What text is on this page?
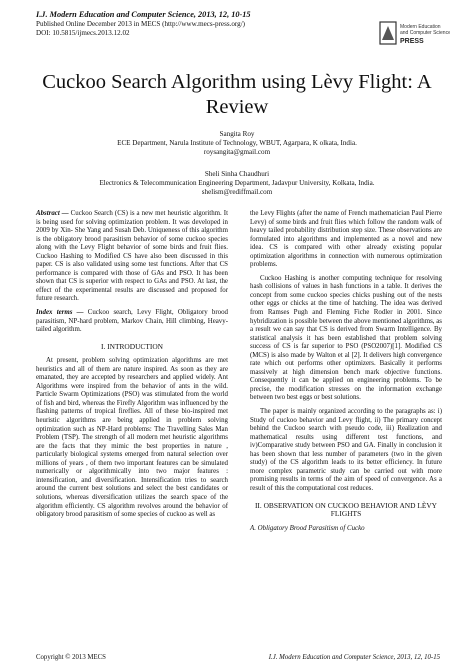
I.J. Modern Education and Computer Science, 2013, 12, 10-15
Published Online December 2013 in MECS (http://www.mecs-press.org/)
DOI: 10.5815/ijmecs.2013.12.02
Modern Education
and Computer Science
PRESS
Cuckoo Search Algorithm using Lèvy Flight: A Review
Sangita Roy
ECE Department, Narula Institute of Technology, WBUT, Agarpara, K olkata, India.
roysangita@gmail.com
Sheli Sinha Chaudhuri
Electronics & Telecommunication Engineering Department, Jadavpur University, Kolkata, India.
shelism@rediffmail.com

Abstract — Cuckoo Search (CS) is a new met heuristic algorithm. It is being used for solving optimization problem. It was developed in 2009 by Xin- She Yang and Susah Deb. Uniqueness of this algorithm is the obligatory brood parasitism behavior of some cuckoo species along with the Levy Flight behavior of some birds and fruit flies. Cuckoo Hashing to Modified CS have also been discussed in this paper. CS is also validated using some test functions. After that CS performance is compared with those of GAs and PSO. It has been shown that CS is superior with respect to GAs and PSO. At last, the effect of the experimental results are discussed and proposed for future research.

Index terms — Cuckoo search, Levy Flight, Obligatory brood parasitism, NP-hard problem, Markov Chain, Hill climbing, Heavy-tailed algorithm.

I. INTRODUCTION

At present, problem solving optimization algorithms are met heuristics and all of them are nature inspired. As soon as they are emanated, they are accepted by researchers and applied widely. Ant Algorithms were inspired from the behavior of ants in the wild. Particle Swarm Optimizations (PSO) was stimulated from the world of fish and bird, whereas the Firefly Algorithm was influenced by the flashing patterns of tropical fireflies. All of these bio-inspired met heuristic algorithms are being applied in problem solving optimization such as NP-Hard problems: The Travelling Sales Man Problem (TSP). The strength of all modern met heuristic algorithms are the facts that they mimic the best properties in nature , particularly biological systems emerged from natural selection over millions of years , of them two important features can be simulated numerically or algorithmically into two major features : intensification, and diversification. Intensification tries to search around the current best solutions and select the best candidates or solutions, whereas diversification utilizes the search space of the algorithm efficiently. CS algorithm revolves around the behavior of obligatory brood parasitism of some species of cuckoo as well as

the Levy Flights (after the name of French mathematician Paul Pierre Levy) of some birds and fruit flies which follow the random walk of heavy tailed probability distribution step size. These observations are formulated into algorithms and implemented as a novel and new idea. CS is compared with other already existing popular optimization algorithms in connection with numerous optimization problems.

Cuckoo Hashing is another computing technique for resolving hash collisions of values in hash functions in a table. It derives the concept from some cuckoo species chicks pushing out of the nests other eggs or chicks at the time of hatching. The idea was derived from Ramses Pugh and Fleming Fiche Rodler in 2001. Since hybridization is possible between the above mentioned algorithms, as a result we can say that CS is derived from Swarm Intelligence. By statistical analysis it has been established that problem solving success of CS is far superior to PSO (PSO2007)[1]. Modified CS (MCS) is also made by Walton et al [2]. It delivers high convergence rate which out performs other optimizers. Basically it performs massively at high dimension bench mark objective functions. Consequently it can be applied on engineering problems. To be precise, the modification stresses on the information exchange between two best eggs or best solutions.

The paper is mainly organized according to the paragraphs as: i) Study of cuckoo behavior and Levy flight, ii) The primary concept behind the Cuckoo search with pseudo code, iii) Realization and mathematical results using different test functions, and iv)Comparative study between PSO and GA. Finally in conclusion it has been shown that less number of parameters (two in the given study) of the CS algorithm leads to its better efficiency. In future more complex parametric study can be carried out with more promising results in terms of the aim of speed of convergence. As a result of this the computational cost reduces.

II. OBSERVATION ON CUCKOO BEHAVIOR AND LÈVY FLIGHTS

A. Obligatory Brood Parasitism of Cucko

Copyright © 2013 MECS	I.J. Modern Education and Computer Science, 2013, 12, 10-15
